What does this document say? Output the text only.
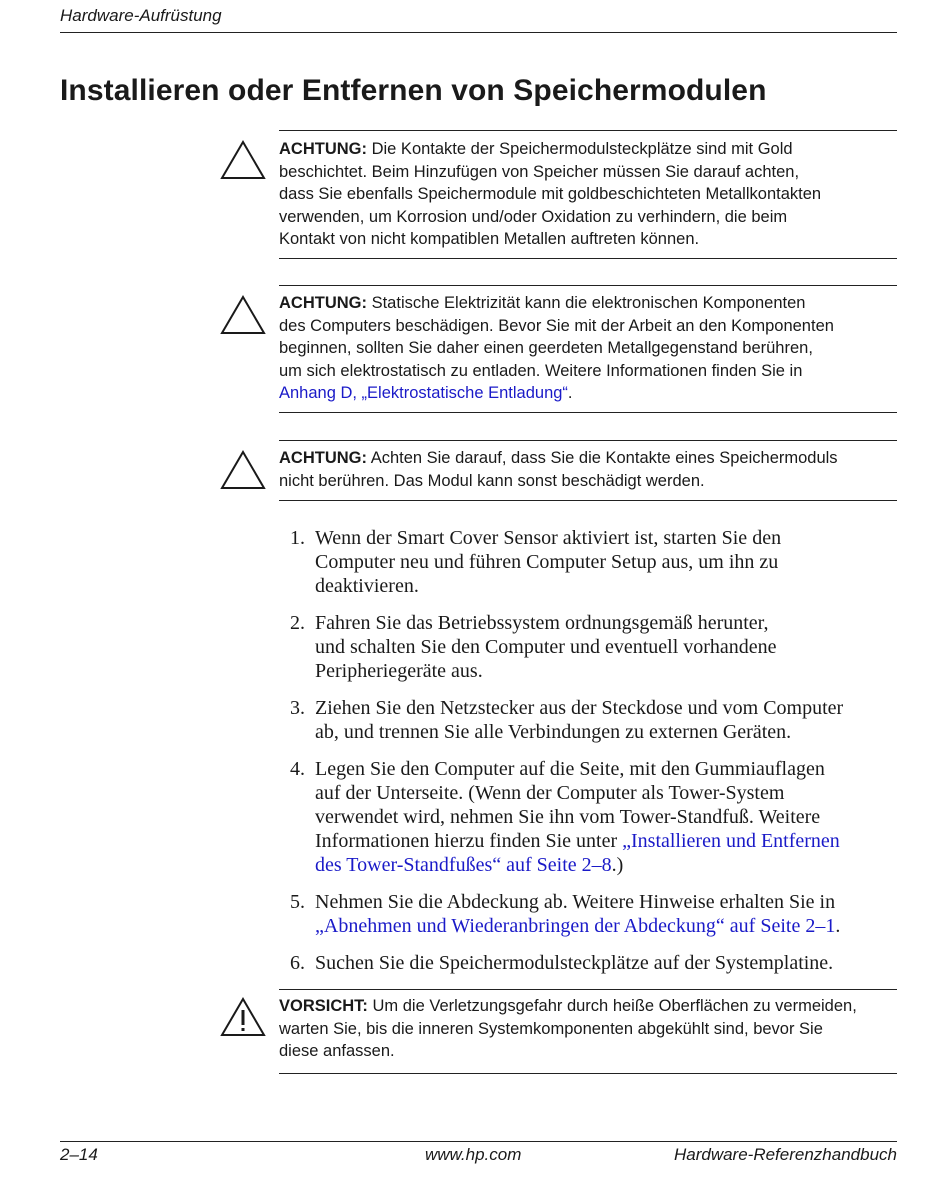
Hardware-Aufrüstung
Installieren oder Entfernen von Speichermodulen
ACHTUNG: Die Kontakte der Speichermodulsteckplätze sind mit Gold
beschichtet. Beim Hinzufügen von Speicher müssen Sie darauf achten,
dass Sie ebenfalls Speichermodule mit goldbeschichteten Metallkontakten
verwenden, um Korrosion und/oder Oxidation zu verhindern, die beim
Kontakt von nicht kompatiblen Metallen auftreten können.
ACHTUNG: Statische Elektrizität kann die elektronischen Komponenten
des Computers beschädigen. Bevor Sie mit der Arbeit an den Komponenten
beginnen, sollten Sie daher einen geerdeten Metallgegenstand berühren,
um sich elektrostatisch zu entladen. Weitere Informationen finden Sie in
Anhang D, „Elektrostatische Entladung“.
ACHTUNG: Achten Sie darauf, dass Sie die Kontakte eines Speichermoduls
nicht berühren. Das Modul kann sonst beschädigt werden.
1. Wenn der Smart Cover Sensor aktiviert ist, starten Sie den
Computer neu und führen Computer Setup aus, um ihn zu
deaktivieren.
2. Fahren Sie das Betriebssystem ordnungsgemäß herunter,
und schalten Sie den Computer und eventuell vorhandene
Peripheriegeräte aus.
3. Ziehen Sie den Netzstecker aus der Steckdose und vom Computer
ab, und trennen Sie alle Verbindungen zu externen Geräten.
4. Legen Sie den Computer auf die Seite, mit den Gummiauflagen
auf der Unterseite. (Wenn der Computer als Tower-System
verwendet wird, nehmen Sie ihn vom Tower-Standfuß. Weitere
Informationen hierzu finden Sie unter „Installieren und Entfernen
des Tower-Standfußes“ auf Seite 2–8.)
5. Nehmen Sie die Abdeckung ab. Weitere Hinweise erhalten Sie in
„Abnehmen und Wiederanbringen der Abdeckung“ auf Seite 2–1.
6. Suchen Sie die Speichermodulsteckplätze auf der Systemplatine.
VORSICHT: Um die Verletzungsgefahr durch heiße Oberflächen zu vermeiden,
warten Sie, bis die inneren Systemkomponenten abgekühlt sind, bevor Sie
diese anfassen.
2–14	www.hp.com	Hardware-Referenzhandbuch
